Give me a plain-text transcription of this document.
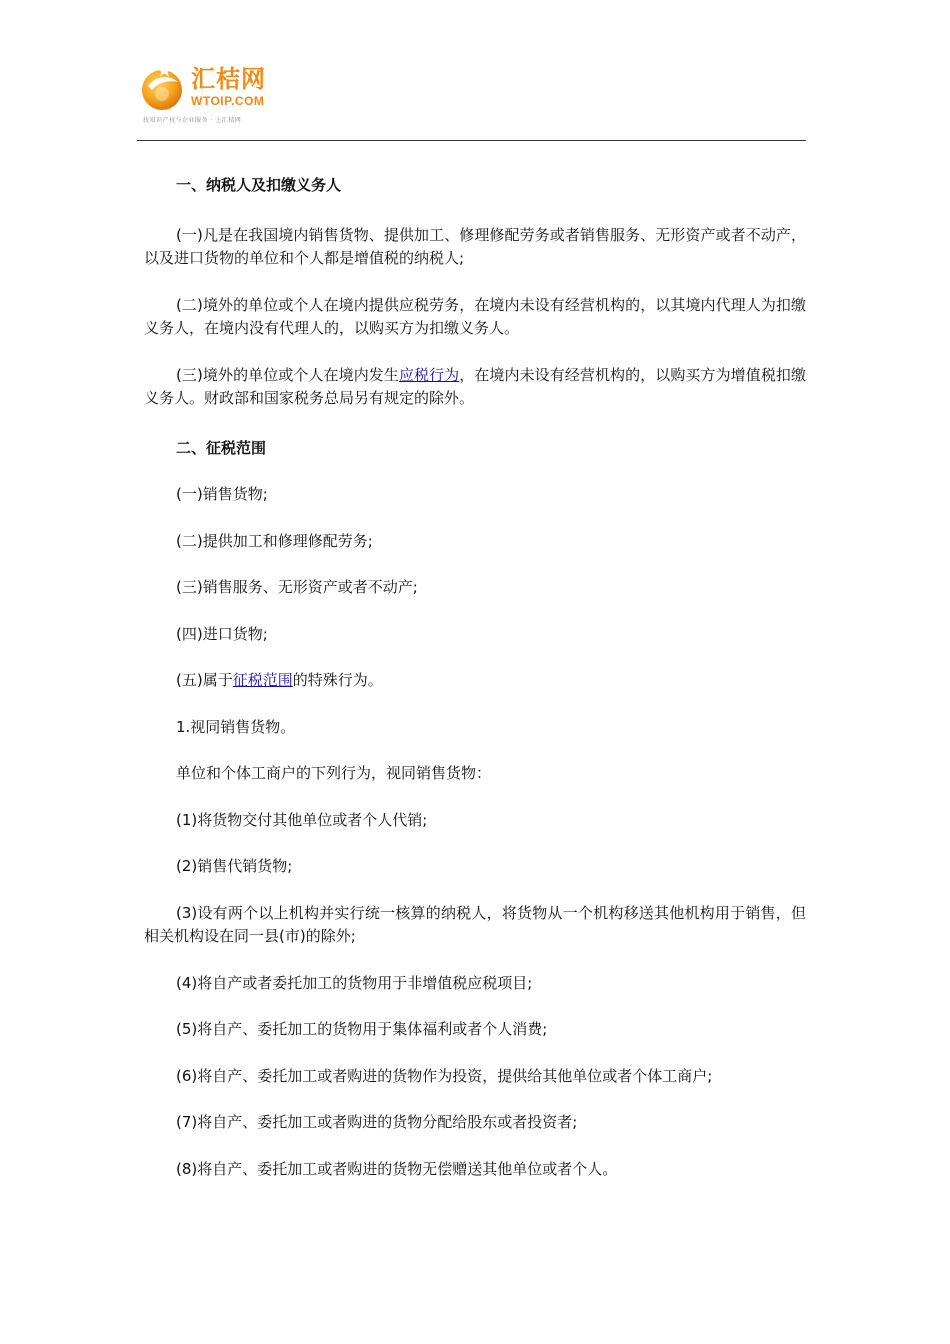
汇桔网
WTOIP.COM
找知识产权与企业服务 · 上汇桔网

一、纳税人及扣缴义务人

(一)凡是在我国境内销售货物、提供加工、修理修配劳务或者销售服务、无形资产或者不动产，以及进口货物的单位和个人都是增值税的纳税人;

(二)境外的单位或个人在境内提供应税劳务，在境内未设有经营机构的，以其境内代理人为扣缴义务人，在境内没有代理人的，以购买方为扣缴义务人。

(三)境外的单位或个人在境内发生应税行为，在境内未设有经营机构的，以购买方为增值税扣缴义务人。财政部和国家税务总局另有规定的除外。

二、征税范围

(一)销售货物;

(二)提供加工和修理修配劳务;

(三)销售服务、无形资产或者不动产;

(四)进口货物;

(五)属于征税范围的特殊行为。

1.视同销售货物。

单位和个体工商户的下列行为，视同销售货物：

(1)将货物交付其他单位或者个人代销;

(2)销售代销货物;

(3)设有两个以上机构并实行统一核算的纳税人，将货物从一个机构移送其他机构用于销售，但相关机构设在同一县(市)的除外;

(4)将自产或者委托加工的货物用于非增值税应税项目;

(5)将自产、委托加工的货物用于集体福利或者个人消费;

(6)将自产、委托加工或者购进的货物作为投资，提供给其他单位或者个体工商户;

(7)将自产、委托加工或者购进的货物分配给股东或者投资者;

(8)将自产、委托加工或者购进的货物无偿赠送其他单位或者个人。
